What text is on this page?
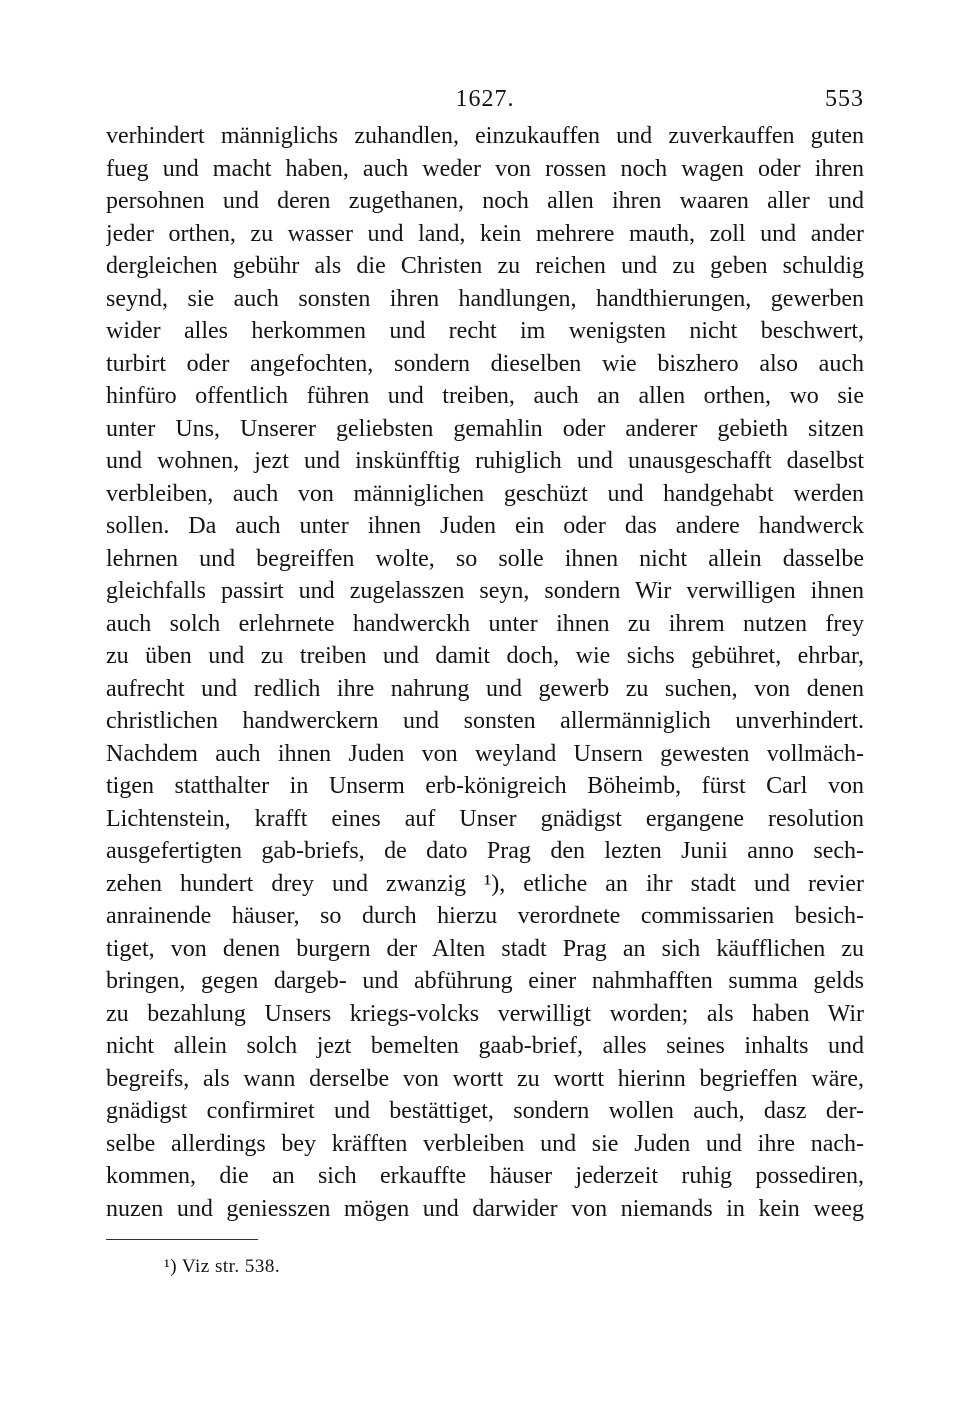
1627.	553
verhindert männiglichs zuhandlen, einzukauffen und zuverkauffen guten
fueg und macht haben, auch weder von rossen noch wagen oder ihren
persohnen und deren zugethanen, noch allen ihren waaren aller und
jeder orthen, zu wasser und land, kein mehrere mauth, zoll und ander
dergleichen gebühr als die Christen zu reichen und zu geben schuldig
seynd, sie auch sonsten ihren handlungen, handthierungen, gewerben
wider alles herkommen und recht im wenigsten nicht beschwert,
turbirt oder angefochten, sondern dieselben wie biszhero also auch
hinfüro offentlich führen und treiben, auch an allen orthen, wo sie
unter Uns, Unserer geliebsten gemahlin oder anderer gebieth sitzen
und wohnen, jezt und inskünfftig ruhiglich und unausgeschafft daselbst
verbleiben, auch von männiglichen geschüzt und handgehabt werden
sollen. Da auch unter ihnen Juden ein oder das andere handwerck
lehrnen und begreiffen wolte, so solle ihnen nicht allein dasselbe
gleichfalls passirt und zugelasszen seyn, sondern Wir verwilligen ihnen
auch solch erlehrnete handwerckh unter ihnen zu ihrem nutzen frey
zu üben und zu treiben und damit doch, wie sichs gebühret, ehrbar,
aufrecht und redlich ihre nahrung und gewerb zu suchen, von denen
christlichen handwerckern und sonsten allermänniglich unverhindert.
Nachdem auch ihnen Juden von weyland Unsern gewesten vollmäch-
tigen statthalter in Unserm erb-königreich Böheimb, fürst Carl von
Lichtenstein, krafft eines auf Unser gnädigst ergangene resolution
ausgefertigten gab-briefs, de dato Prag den lezten Junii anno sech-
zehen hundert drey und zwanzig ¹), etliche an ihr stadt und revier
anrainende häuser, so durch hierzu verordnete commissarien besich-
tiget, von denen burgern der Alten stadt Prag an sich käufflichen zu
bringen, gegen dargeb- und abführung einer nahmhafften summa gelds
zu bezahlung Unsers kriegs-volcks verwilligt worden; als haben Wir
nicht allein solch jezt bemelten gaab-brief, alles seines inhalts und
begreifs, als wann derselbe von wortt zu wortt hierinn begrieffen wäre,
gnädigst confirmiret und bestättiget, sondern wollen auch, dasz der-
selbe allerdings bey kräfften verbleiben und sie Juden und ihre nach-
kommen, die an sich erkauffte häuser jederzeit ruhig possediren,
nuzen und geniesszen mögen und darwider von niemands in kein weeg
¹) Viz str. 538.
